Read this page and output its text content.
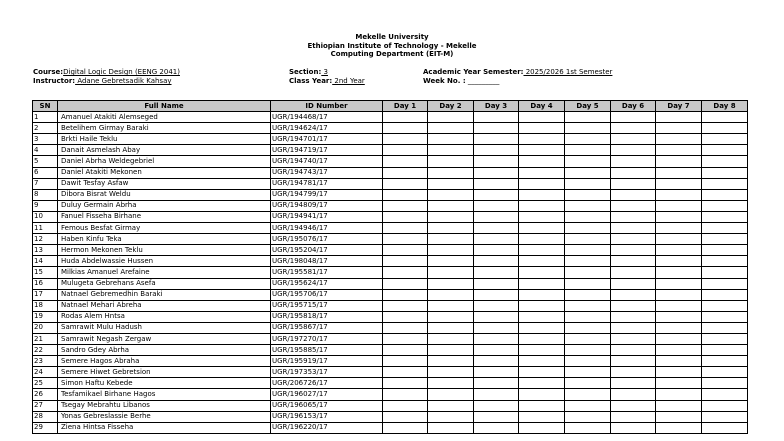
Mekelle University
Ethiopian Institute of Technology - Mekelle
Computing Department (EIT-M)
Course:Digital Logic Design (EENG 2041)	Section: 3	Academic Year Semester: 2025/2026 1st Semester
Instructor: Adane Gebretsadik Kahsay	Class Year: 2nd Year	Week No. : _________
SN	Full Name	ID Number	Day 1	Day 2	Day 3	Day 4	Day 5	Day 6	Day 7	Day 8
1	Amanuel Atakiti Alemseged	UGR/194468/17								
2	Betelihem Girmay Baraki	UGR/194624/17								
3	Brkti Haile Teklu	UGR/194701/17								
4	Danait Asmelash Abay	UGR/194719/17								
5	Daniel Abrha Weldegebriel	UGR/194740/17								
6	Daniel Atakiti Mekonen	UGR/194743/17								
7	Dawit Tesfay Asfaw	UGR/194781/17								
8	Dibora Bisrat Weldu	UGR/194799/17								
9	Duluy Germain Abrha	UGR/194809/17								
10	Fanuel Fisseha Birhane	UGR/194941/17								
11	Femous Besfat Girmay	UGR/194946/17								
12	Haben Kinfu Teka	UGR/195076/17								
13	Hermon Mekonen Teklu	UGR/195204/17								
14	Huda Abdelwassie Hussen	UGR/198048/17								
15	Milkias Amanuel Arefaine	UGR/195581/17								
16	Mulugeta Gebrehans Asefa	UGR/195624/17								
17	Natnael Gebremedhin Baraki	UGR/195706/17								
18	Natnael Mehari Abreha	UGR/195715/17								
19	Rodas Alem Hntsa	UGR/195818/17								
20	Samrawit Mulu Hadush	UGR/195867/17								
21	Samrawit Negash Zergaw	UGR/197270/17								
22	Sandro Gdey Abrha	UGR/195885/17								
23	Semere Hagos Abraha	UGR/195919/17								
24	Semere Hiwet Gebretsion	UGR/197353/17								
25	Simon Haftu Kebede	UGR/206726/17								
26	Tesfamikael Birhane Hagos	UGR/196027/17								
27	Tsegay Mebrahtu Libanos	UGR/196065/17								
28	Yonas Gebreslassie Berhe	UGR/196153/17								
29	Ziena Hintsa Fisseha	UGR/196220/17								
